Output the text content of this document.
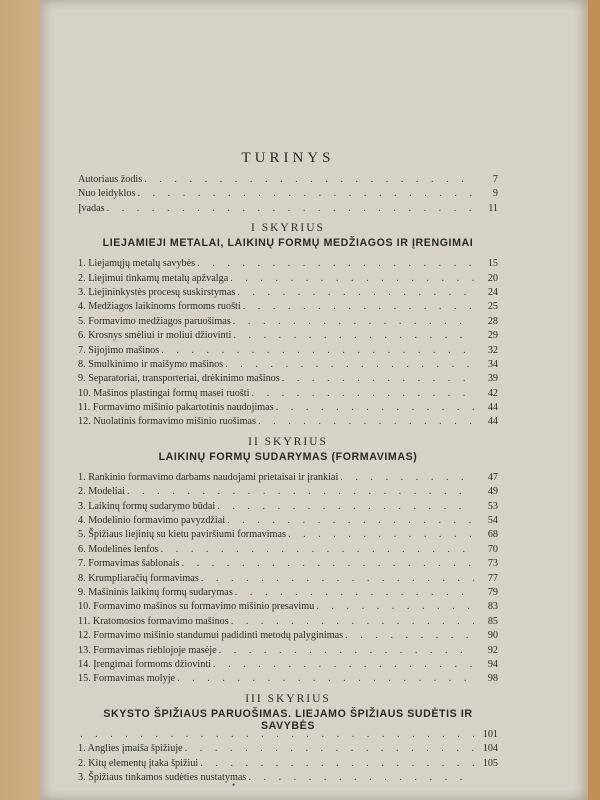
TURINYS
Autoriaus žodis . . .	7
Nuo leidyklos . . .	9
Įvadas . . .	11
I SKYRIUS
LIEJAMIEJI METALAI, LAIKINŲ FORMŲ MEDŽIAGOS IR ĮRENGIMAI
1. Liejamųjų metalų savybės . . .	15
2. Liejimui tinkamų metalų apžvalga . . .	20
3. Liejininkystės procesų suskirstymas . . .	24
4. Medžiagos laikinoms formoms ruošti . . .	25
5. Formavimo medžiagos paruošimas . . .	28
6. Krosnys smėliui ir moliui džiovinti . . .	29
7. Sijojimo mašinos . . .	32
8. Smulkinimo ir maišymo mašinos . . .	34
9. Separatoriai, transporteriai, drėkinimo mašinos . . .	39
10. Mašinos plastingai formų masei ruošti . . .	42
11. Formavimo mišinio pakartotinis naudojimas . . .	44
12. Nuolatinis formavimo mišinio ruošimas . . .	44
II SKYRIUS
LAIKINŲ FORMŲ SUDARYMAS (FORMAVIMAS)
1. Rankinio formavimo darbams naudojami prietaisai ir įrankiai . . .	47
2. Modeliai . . .	49
3. Laikinų formų sudarymo būdai . . .	53
4. Modelinio formavimo pavyzdžiai . . .	54
5. Špižiaus liejinių su kietu paviršiumi formavimas . . .	68
6. Modelinės lenfos . . .	70
7. Formavimas šablonais . . .	73
8. Krumpliaračių formavimas . . .	77
9. Mašininis laikinų formų sudarymas . . .	79
10. Formavimo mašinos su formavimo mišinio presavimu . . .	83
11. Kratomosios formavimo mašinos . . .	85
12. Formavimo mišinio standumui padidinti metodų palyginimas . . .	90
13. Formavimas rieblojoje masėje . . .	92
14. Įrengimai formoms džiovinti . . .	94
15. Formavimas molyje . . .	98
III SKYRIUS
SKYSTO ŠPIŽIAUS PARUOŠIMAS. LIEJAMO ŠPIŽIAUS SUDĖTIS IR SAVYBĖS
. . .
101
1. Anglies įmaiša špižiuje . . .	104
2. Kitų elementų įtaka špižiui . . .	105
3. Špižiaus tinkamos sudėties nustatymas
. . .
•
